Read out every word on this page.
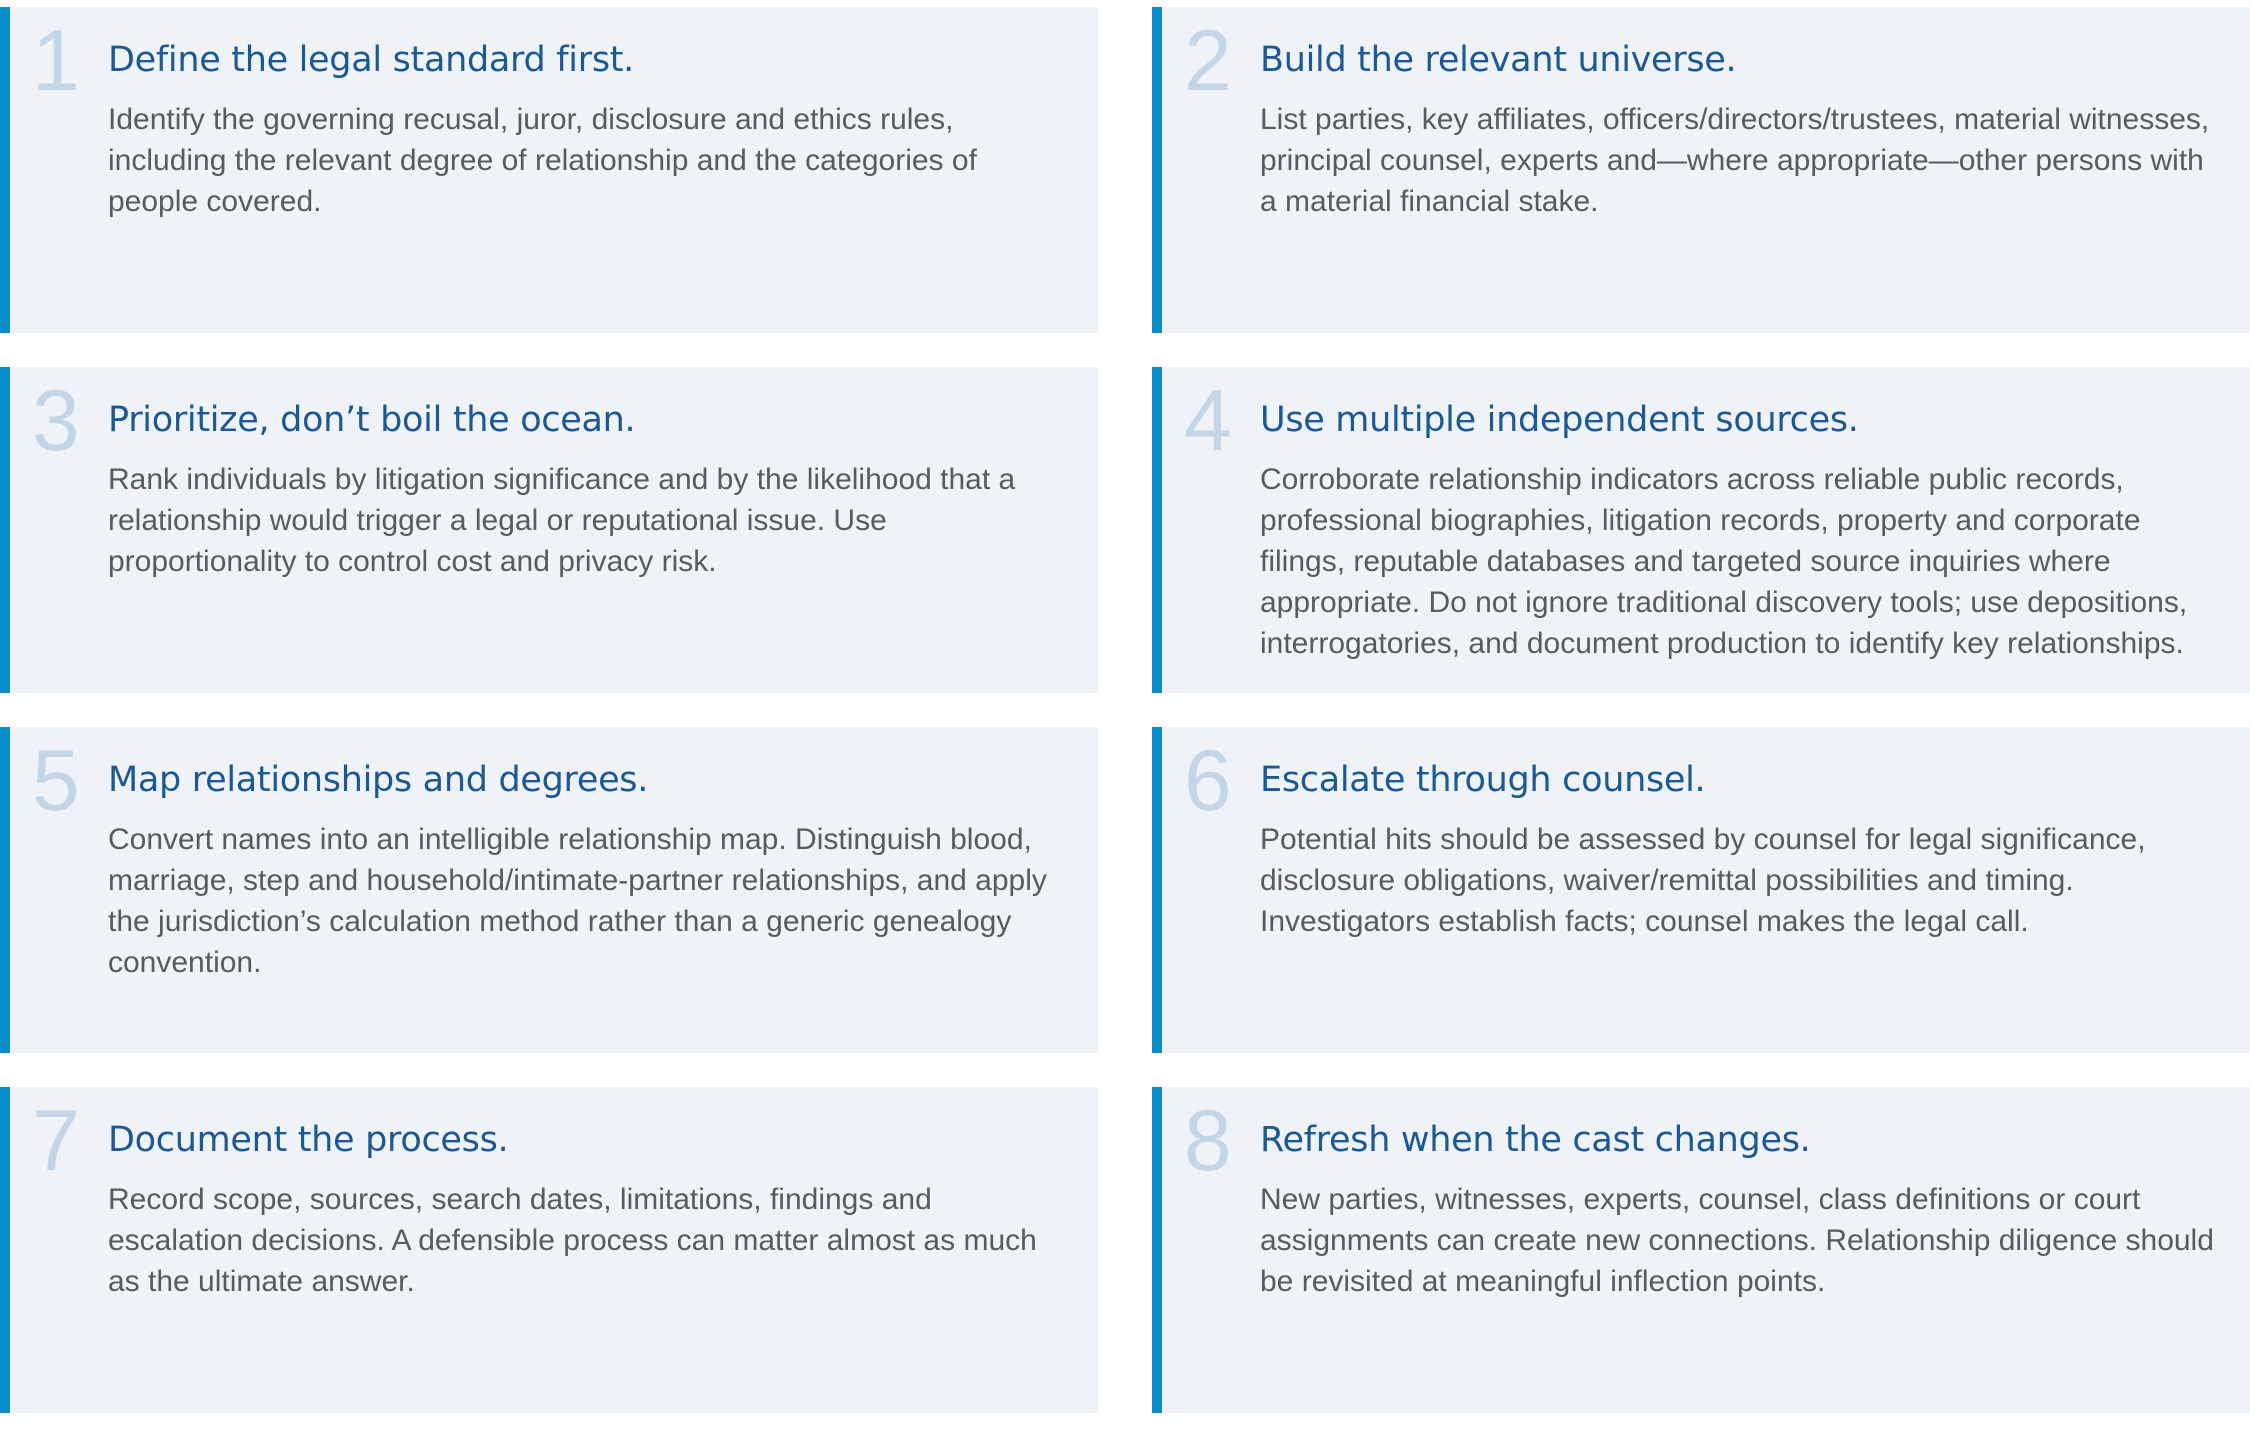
1 Define the legal standard first.
Identify the governing recusal, juror, disclosure and ethics rules, including the relevant degree of relationship and the categories of people covered.
2 Build the relevant universe.
List parties, key affiliates, officers/directors/trustees, material witnesses, principal counsel, experts and—where appropriate—other persons with a material financial stake.
3 Prioritize, don’t boil the ocean.
Rank individuals by litigation significance and by the likelihood that a relationship would trigger a legal or reputational issue. Use proportionality to control cost and privacy risk.
4 Use multiple independent sources.
Corroborate relationship indicators across reliable public records, professional biographies, litigation records, property and corporate filings, reputable databases and targeted source inquiries where appropriate. Do not ignore traditional discovery tools; use depositions, interrogatories, and document production to identify key relationships.
5 Map relationships and degrees.
Convert names into an intelligible relationship map. Distinguish blood, marriage, step and household/intimate-partner relationships, and apply the jurisdiction’s calculation method rather than a generic genealogy convention.
6 Escalate through counsel.
Potential hits should be assessed by counsel for legal significance, disclosure obligations, waiver/remittal possibilities and timing. Investigators establish facts; counsel makes the legal call.
7 Document the process.
Record scope, sources, search dates, limitations, findings and escalation decisions. A defensible process can matter almost as much as the ultimate answer.
8 Refresh when the cast changes.
New parties, witnesses, experts, counsel, class definitions or court assignments can create new connections. Relationship diligence should be revisited at meaningful inflection points.
